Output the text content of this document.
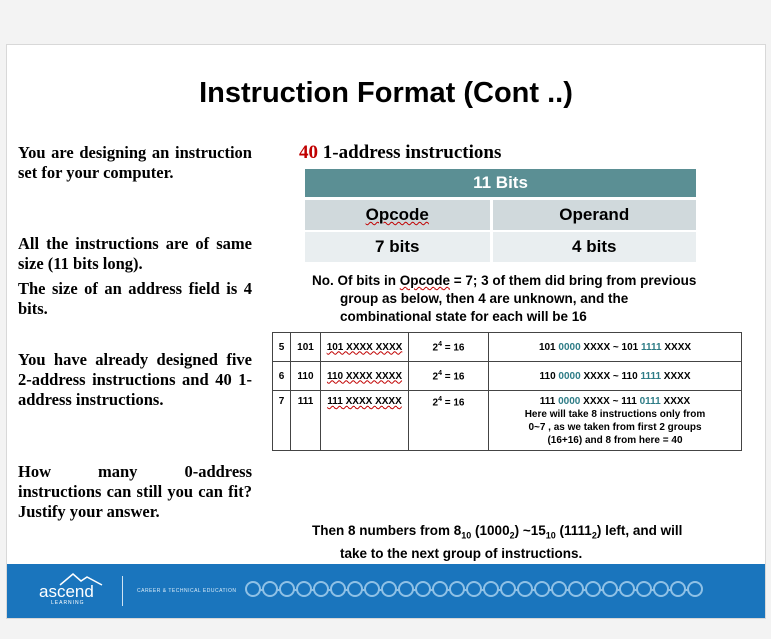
Instruction Format (Cont ..)
You are designing an instruction set for your computer.
All the instructions are of same size (11 bits long).
The size of an address field is 4 bits.
You have already designed five 2-address instructions and 40 1-address instructions.
How many 0-address instructions can still you can fit? Justify your answer.
40 1-address instructions
11 Bits	
Opcode	Operand
7 bits	4 bits
No. Of bits in Opcode = 7; 3 of them did bring from previous
group as below, then 4 are unknown, and the
combinational state for each will be 16
5	101	101 XXXX XXXX	$2^4 = 16$	101 0000 XXXX ~ 101 1111 XXXX
6	110	110 XXXX XXXX	$2^4 = 16$	110 0000 XXXX ~ 110 1111 XXXX
7	111	111 XXXX XXXX	$2^4 = 16$	111 0000 XXXX ~ 111 0111 XXXX
Here will take 8 instructions only from
0~7 , as we taken from first 2 groups
(16+16) and 8 from here = 40
Then 8 numbers from $8_{10}$ $(1000_2)$ $\sim 15_{10}$ $(1111_2)$ left, and will
take to the next group of instructions.
ascend
LEARNING
CAREER & TECHNICAL EDUCATION
